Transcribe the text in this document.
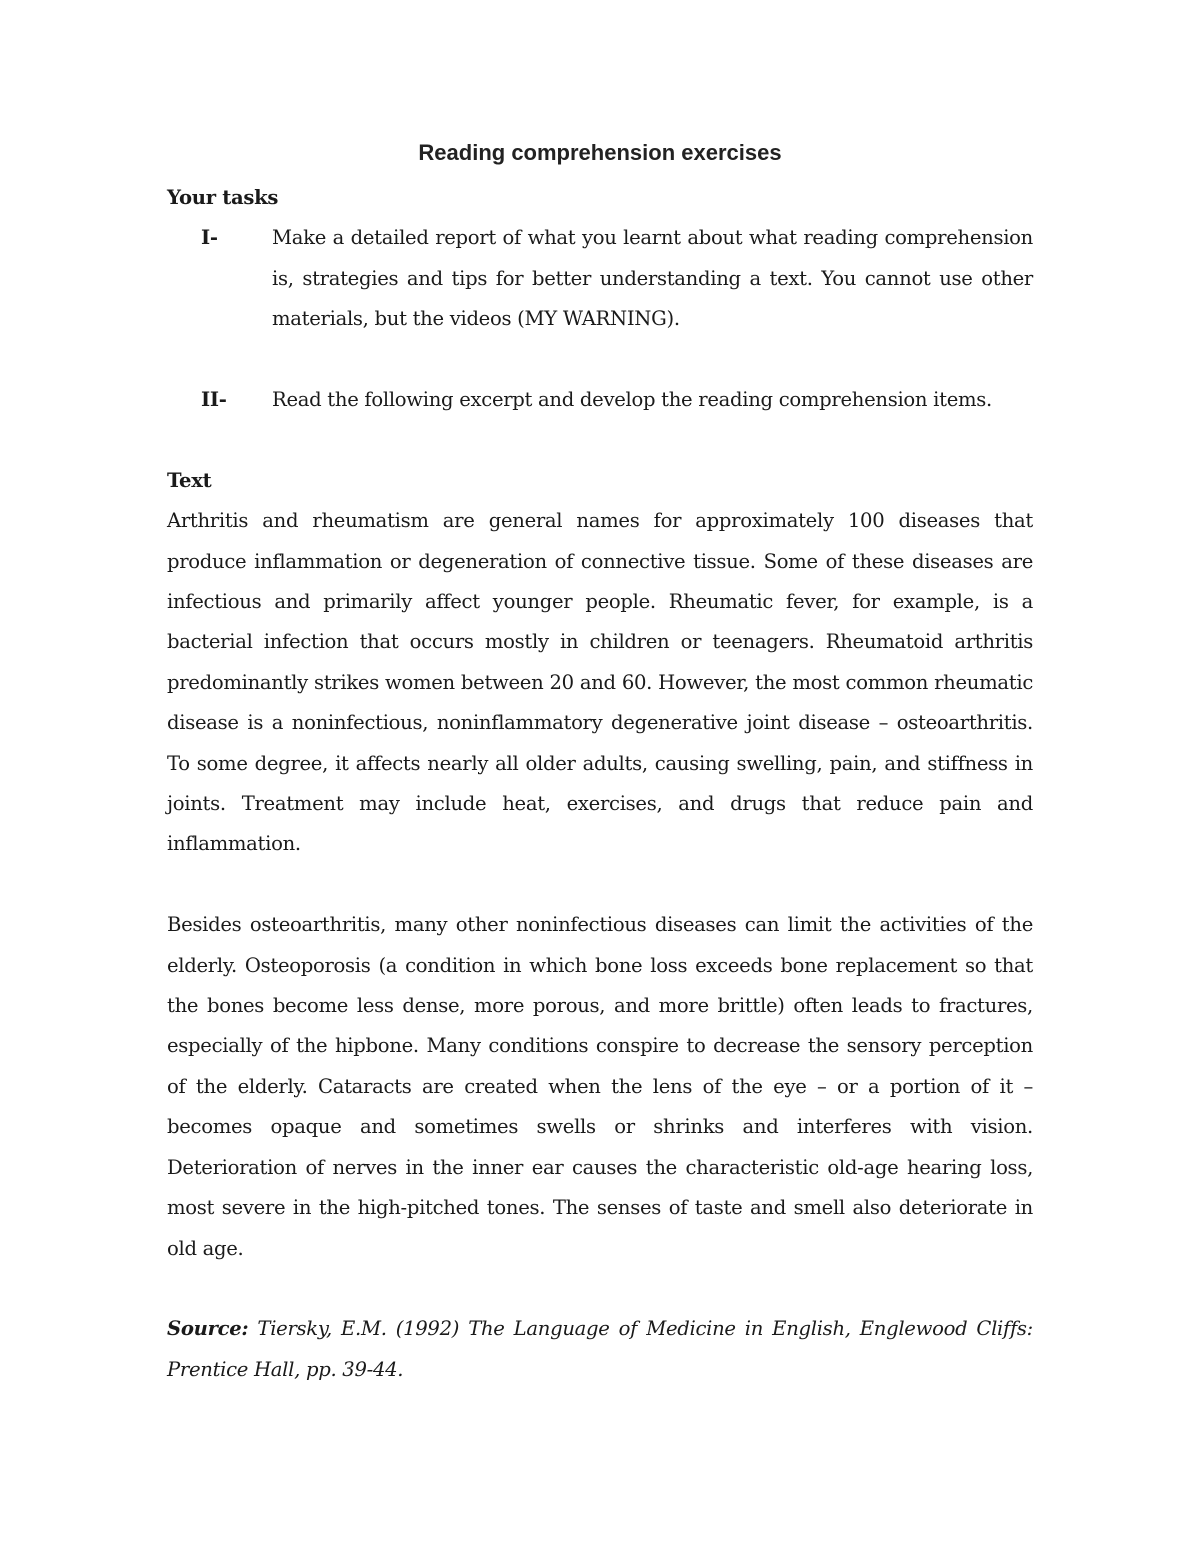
Reading comprehension exercises
Your tasks
I-	Make a detailed report of what you learnt about what reading comprehension is, strategies and tips for better understanding a text. You cannot use other materials, but the videos (MY WARNING).
II-	Read the following excerpt and develop the reading comprehension items.
Text

Arthritis and rheumatism are general names for approximately 100 diseases that produce inflammation or degeneration of connective tissue. Some of these diseases are infectious and primarily affect younger people. Rheumatic fever, for example, is a bacterial infection that occurs mostly in children or teenagers. Rheumatoid arthritis predominantly strikes women between 20 and 60. However, the most common rheumatic disease is a noninfectious, noninflammatory degenerative joint disease – osteoarthritis. To some degree, it affects nearly all older adults, causing swelling, pain, and stiffness in joints. Treatment may include heat, exercises, and drugs that reduce pain and inflammation.

Besides osteoarthritis, many other noninfectious diseases can limit the activities of the elderly. Osteoporosis (a condition in which bone loss exceeds bone replacement so that the bones become less dense, more porous, and more brittle) often leads to fractures, especially of the hipbone. Many conditions conspire to decrease the sensory perception of the elderly. Cataracts are created when the lens of the eye – or a portion of it – becomes opaque and sometimes swells or shrinks and interferes with vision. Deterioration of nerves in the inner ear causes the characteristic old-age hearing loss, most severe in the high-pitched tones. The senses of taste and smell also deteriorate in old age.

Source: Tiersky, E.M. (1992) The Language of Medicine in English, Englewood Cliffs: Prentice Hall, pp. 39-44.
